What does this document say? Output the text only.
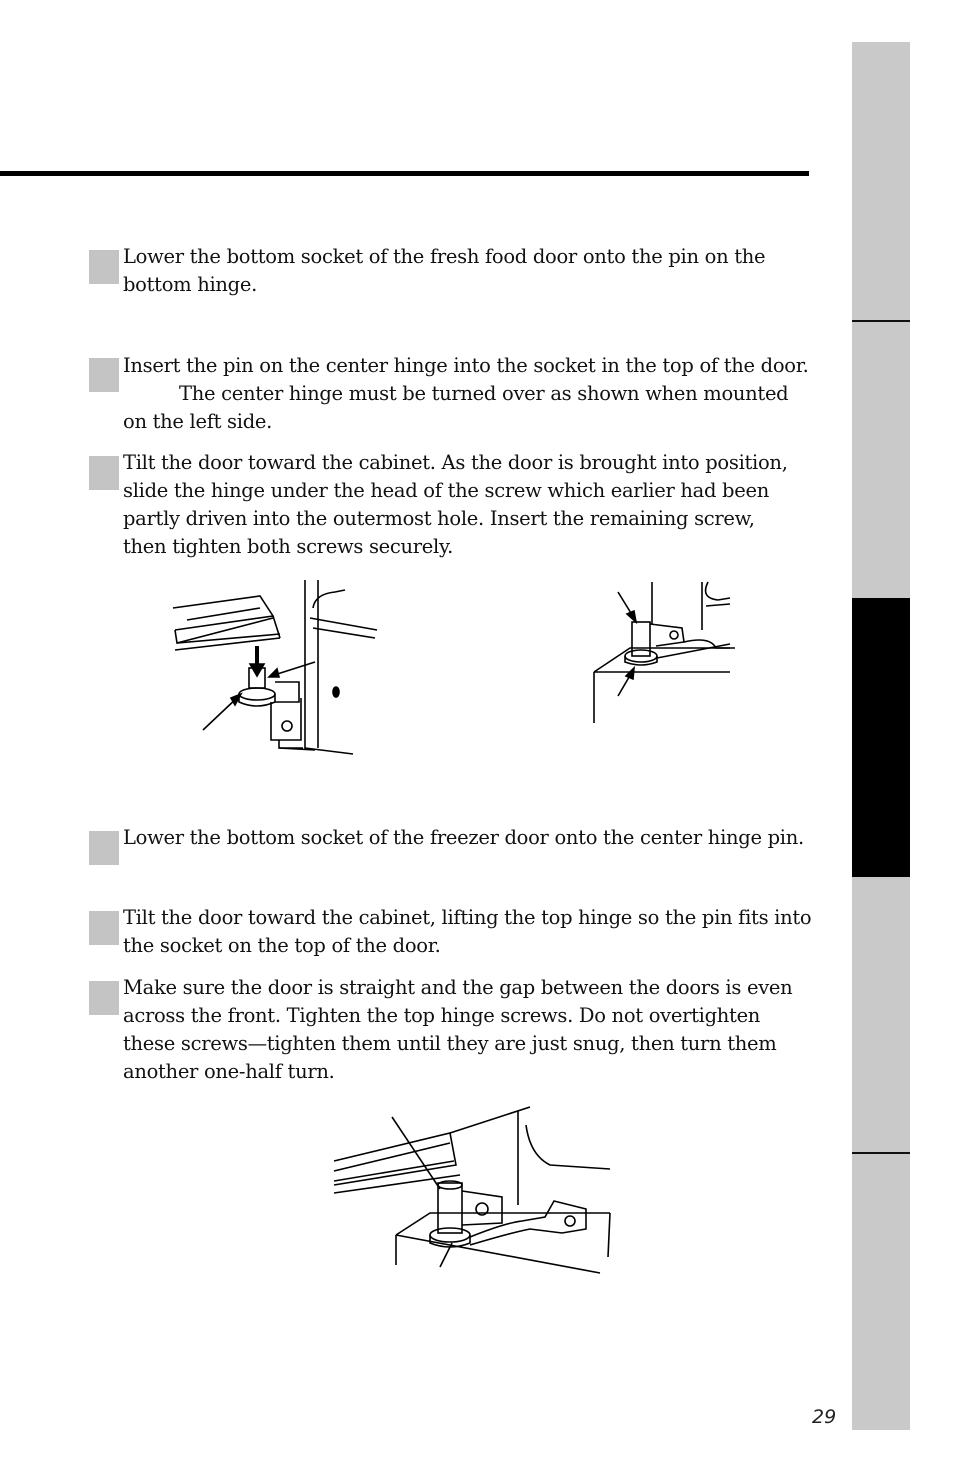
Lower the bottom socket of the fresh food door onto the pin on the bottom hinge.
Insert the pin on the center hinge into the socket in the top of the door.
The center hinge must be turned over as shown when mounted on the left side.
Tilt the door toward the cabinet. As the door is brought into position, slide the hinge under the head of the screw which earlier had been partly driven into the outermost hole. Insert the remaining screw, then tighten both screws securely.
Lower the bottom socket of the freezer door onto the center hinge pin.
Tilt the door toward the cabinet, lifting the top hinge so the pin fits into the socket on the top of the door.
Make sure the door is straight and the gap between the doors is even across the front. Tighten the top hinge screws. Do not overtighten these screws—tighten them until they are just snug, then turn them another one-half turn.
29
